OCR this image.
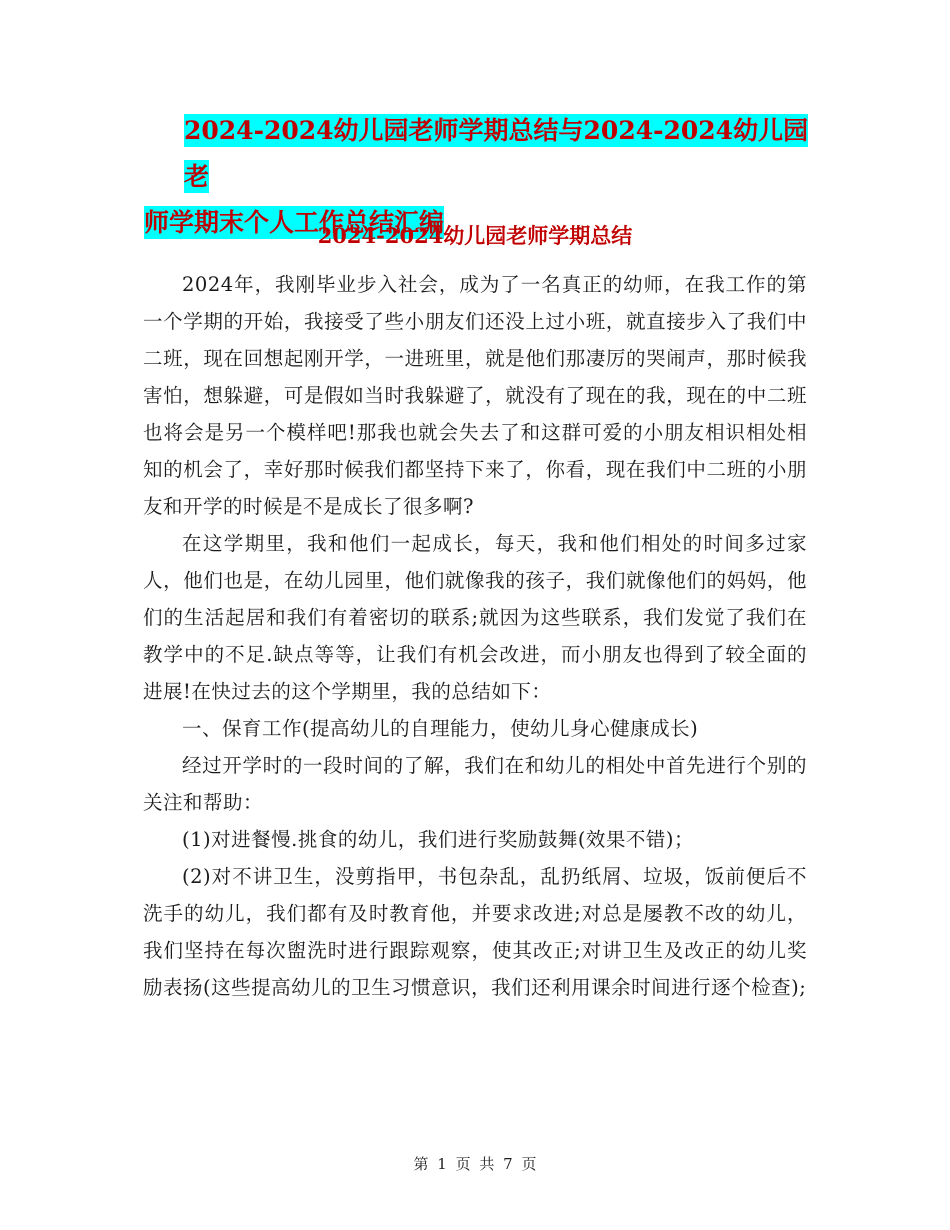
2024-2024幼儿园老师学期总结与2024-2024幼儿园老
师学期末个人工作总结汇编
2024-2024幼儿园老师学期总结

2024年，我刚毕业步入社会，成为了一名真正的幼师，在我工作的第一个学期的开始，我接受了些小朋友们还没上过小班，就直接步入了我们中二班，现在回想起刚开学，一进班里，就是他们那凄厉的哭闹声，那时候我害怕，想躲避，可是假如当时我躲避了，就没有了现在的我，现在的中二班也将会是另一个模样吧!那我也就会失去了和这群可爱的小朋友相识相处相知的机会了，幸好那时候我们都坚持下来了，你看，现在我们中二班的小朋友和开学的时候是不是成长了很多啊?

在这学期里，我和他们一起成长，每天，我和他们相处的时间多过家人，他们也是，在幼儿园里，他们就像我的孩子，我们就像他们的妈妈，他们的生活起居和我们有着密切的联系;就因为这些联系，我们发觉了我们在教学中的不足.缺点等等，让我们有机会改进，而小朋友也得到了较全面的进展!在快过去的这个学期里，我的总结如下：

一、保育工作(提高幼儿的自理能力，使幼儿身心健康成长)

经过开学时的一段时间的了解，我们在和幼儿的相处中首先进行个别的关注和帮助：

(1)对进餐慢.挑食的幼儿，我们进行奖励鼓舞(效果不错)；

(2)对不讲卫生，没剪指甲，书包杂乱，乱扔纸屑、垃圾，饭前便后不洗手的幼儿，我们都有及时教育他，并要求改进;对总是屡教不改的幼儿，我们坚持在每次盥洗时进行跟踪观察，使其改正;对讲卫生及改正的幼儿奖励表扬(这些提高幼儿的卫生习惯意识，我们还利用课余时间进行逐个检查);

第 1 页 共 7 页
